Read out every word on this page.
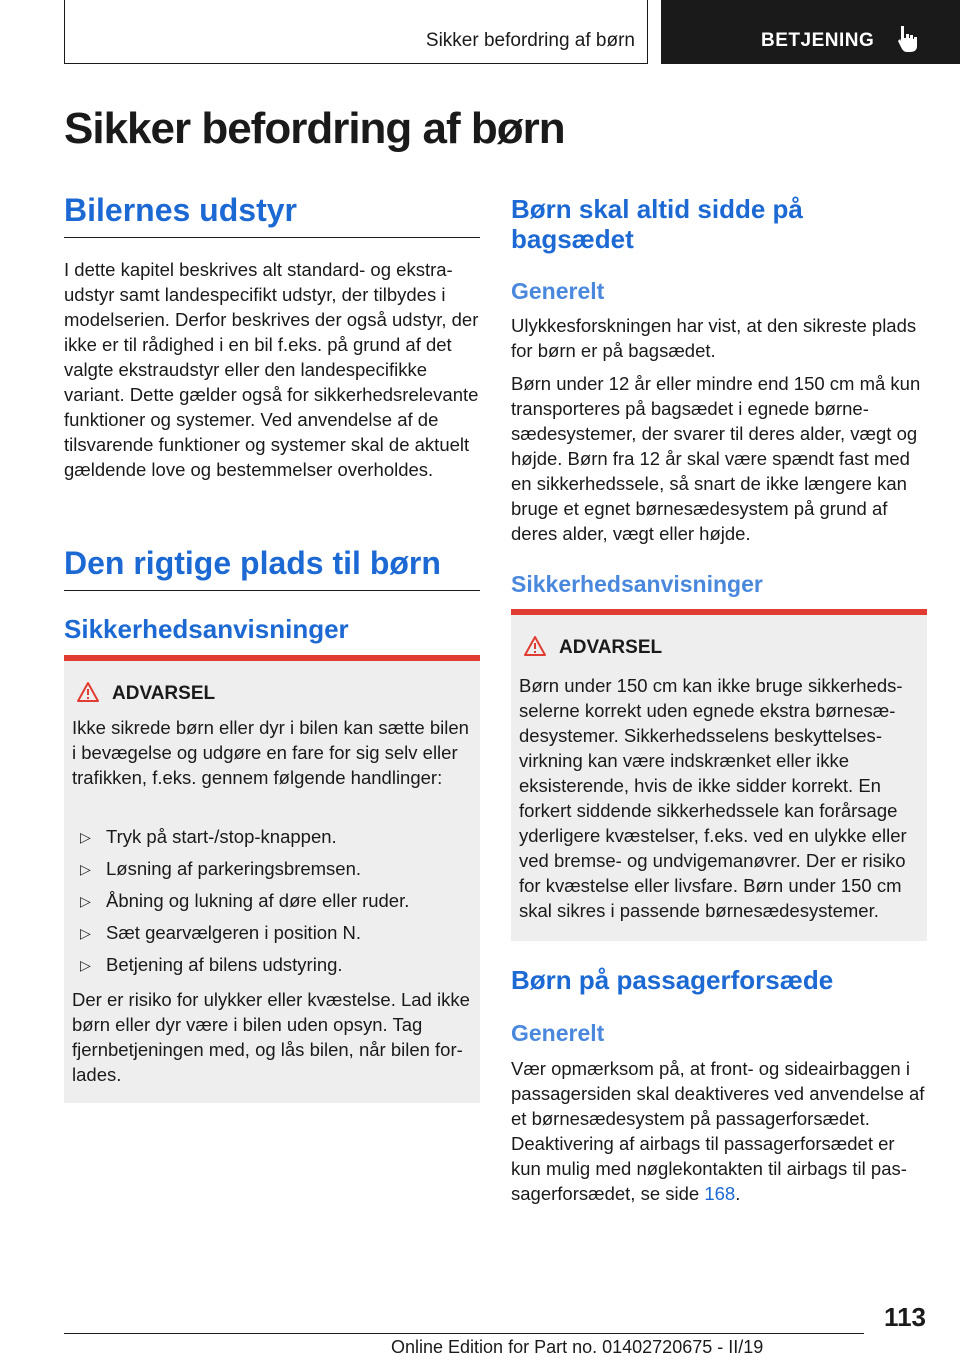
Sikker befordring af børn	BETJENING
Sikker befordring af børn
Bilernes udstyr

I dette kapitel beskrives alt standard- og ekstraudstyr samt landespecifikt udstyr, der tilbydes i modelserien. Derfor beskrives der også udstyr, der ikke er til rådighed i en bil f.eks. på grund af det valgte ekstraudstyr eller den landespecifikke variant. Dette gælder også for sikkerhedsrelevante funktioner og systemer. Ved anvendelse af de tilsvarende funktioner og systemer skal de aktuelt gældende love og bestemmelser overholdes.

Den rigtige plads til børn
Sikkerhedsanvisninger
ADVARSEL

Ikke sikrede børn eller dyr i bilen kan sætte bilen i bevægelse og udgøre en fare for sig selv eller trafikken, f.eks. gennem følgende handlinger:

▷ Tryk på start-/stop-knappen.
▷ Løsning af parkeringsbremsen.
▷ Åbning og lukning af døre eller ruder.
▷ Sæt gearvælgeren i position N.
▷ Betjening af bilens udstyring.

Der er risiko for ulykker eller kvæstelse. Lad ikke børn eller dyr være i bilen uden opsyn. Tag fjernbetjeningen med, og lås bilen, når bilen forlades.

Børn skal altid sidde på bagsædet
Generelt

Ulykkesforskningen har vist, at den sikreste plads for børn er på bagsædet.

Børn under 12 år eller mindre end 150 cm må kun transporteres på bagsædet i egnede børnesædesystemer, der svarer til deres alder, vægt og højde. Børn fra 12 år skal være spændt fast med en sikkerhedssele, så snart de ikke længere kan bruge et egnet børnesædesystem på grund af deres alder, vægt eller højde.

Sikkerhedsanvisninger
ADVARSEL

Børn under 150 cm kan ikke bruge sikkerhedsselerne korrekt uden egnede ekstra børnesædesystemer. Sikkerhedsselens beskyttelsesvirkning kan være indskrænket eller ikke eksisterende, hvis de ikke sidder korrekt. En forkert siddende sikkerhedssele kan forårsage yderligere kvæstelser, f.eks. ved en ulykke eller ved bremse- og undvigemanøvrer. Der er risiko for kvæstelse eller livsfare. Børn under 150 cm skal sikres i passende børnesædesystemer.

Børn på passagerforsæde
Generelt

Vær opmærksom på, at front- og sideairbaggen i passagersiden skal deaktiveres ved anvendelse af et børnesædesystem på passagerforsædet. Deaktivering af airbags til passagerforsædet er kun mulig med nøglekontakten til airbags til passagerforsædet, se side 168.

113
Online Edition for Part no. 01402720675 - II/19
